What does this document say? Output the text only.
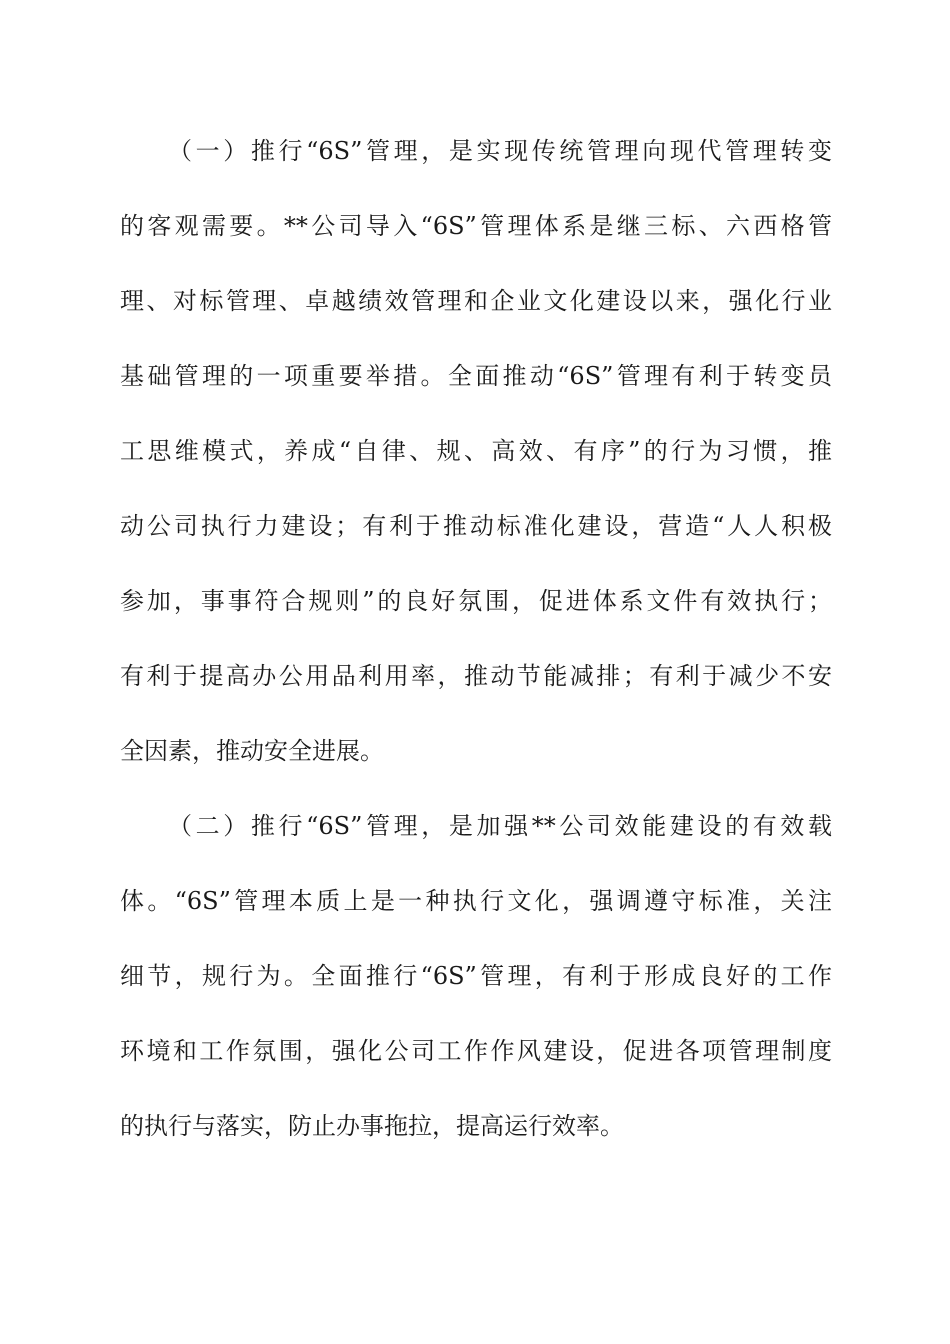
（一）推行“6S”管理，是实现传统管理向现代管理转变
的客观需要。**公司导入“6S”管理体系是继三标、六西格管
理、对标管理、卓越绩效管理和企业文化建设以来，强化行业
基础管理的一项重要举措。全面推动“6S”管理有利于转变员
工思维模式，养成“自律、规、高效、有序”的行为习惯，推
动公司执行力建设；有利于推动标准化建设，营造“人人积极
参加，事事符合规则”的良好氛围，促进体系文件有效执行；
有利于提高办公用品利用率，推动节能减排；有利于减少不安
全因素，推动安全进展。
（二）推行“6S”管理，是加强**公司效能建设的有效载
体。“6S”管理本质上是一种执行文化，强调遵守标准，关注
细节，规行为。全面推行“6S”管理，有利于形成良好的工作
环境和工作氛围，强化公司工作作风建设，促进各项管理制度
的执行与落实，防止办事拖拉，提高运行效率。
